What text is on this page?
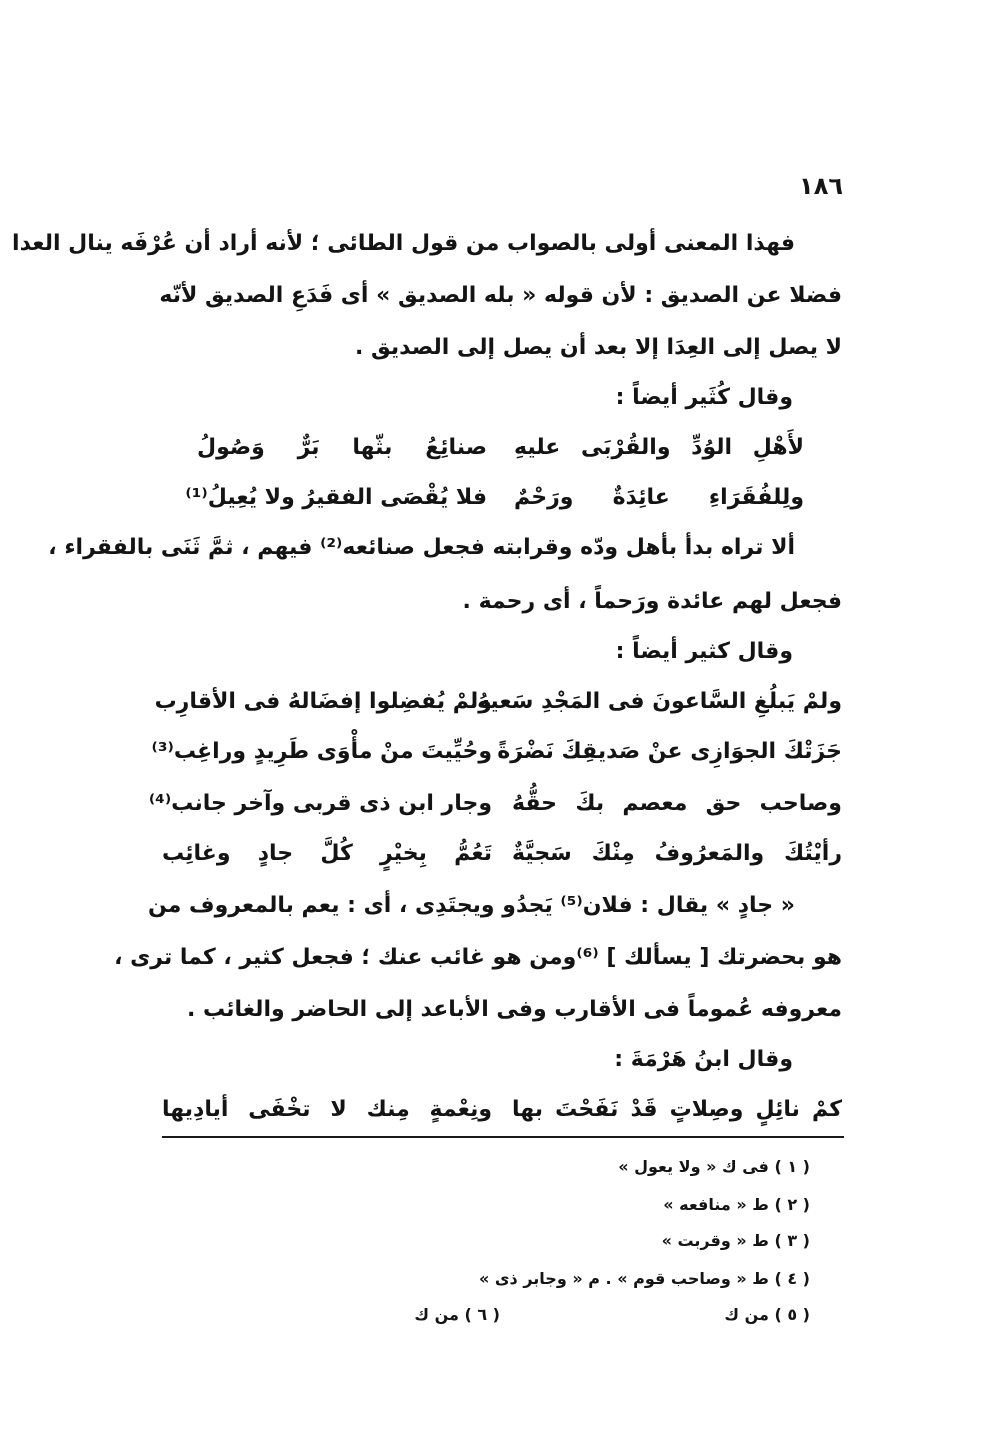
١٨٦

فهذا المعنى أولى بالصواب من قول الطائى ؛ لأنه أراد أن عُرْفَه ينال العدا

فضلا عن الصديق : لأن قوله « بله الصديق » أى فَدَعِ الصديق لأنّه

لا يصل إلى العِدَا إلا بعد أن يصل إلى الصديق .

وقال كُثَير أيضاً :

لأَهْلِ الوُدِّ والقُرْبَى عليهِ
صنائِعُ بثّها بَرٌّ وَصُولُ
ولِلفُقَرَاءِ عائِدَةٌ ورَحْمٌ
فلا يُقْصَى الفقيرُ ولا يُعِيلُ⁽¹⁾

ألا تراه بدأ بأهل ودّه وقرابته فجعل صنائعه⁽²⁾ فيهم ، ثمَّ ثَنَى بالفقراء ،

فجعل لهم عائدة ورَحماً ، أى رحمة .

وقال كثير أيضاً :

ولمْ يَبلُغِ السَّاعونَ فى المَجْدِ سَعيهُ
ولمْ يُفضِلوا إفضَالهُ فى الأقارِب
جَزَتْكَ الجوَازِى عنْ صَديقِكَ نَضْرَةً
وحُيِّيتَ منْ مأْوَى طَرِيدٍ وراغِب⁽³⁾
وصاحب حق معصم بكَ حقُّهُ
وجار ابن ذى قربى وآخر جانب⁽⁴⁾
رأيْتُكَ والمَعرُوفُ مِنْكَ سَجيَّةٌ
تَعُمُّ بِخيْرٍ كُلَّ جادٍ وغائِب

« جادٍ » يقال : فلان⁽⁵⁾ يَجدُو ويجتَدِى ، أى : يعم بالمعروف من

هو بحضرتك [ يسألك ] ⁽⁶⁾ومن هو غائب عنك ؛ فجعل كثير ، كما ترى ،

معروفه عُموماً فى الأقارب وفى الأباعد إلى الحاضر والغائب .

وقال ابنُ هَرْمَةَ :

كمْ نائِلٍ وصِلاتٍ قَدْ نَفَحْتَ بها
ونِعْمةٍ مِنك لا تخْفَى أيادِيها

( ١ ) فى ك « ولا يعول »

( ٢ ) ط « منافعه »

( ٣ ) ط « وقربت »

( ٤ ) ط « وصاحب قوم » . م « وجابر ذى »

( ٥ ) من ك

( ٦ ) من ك
